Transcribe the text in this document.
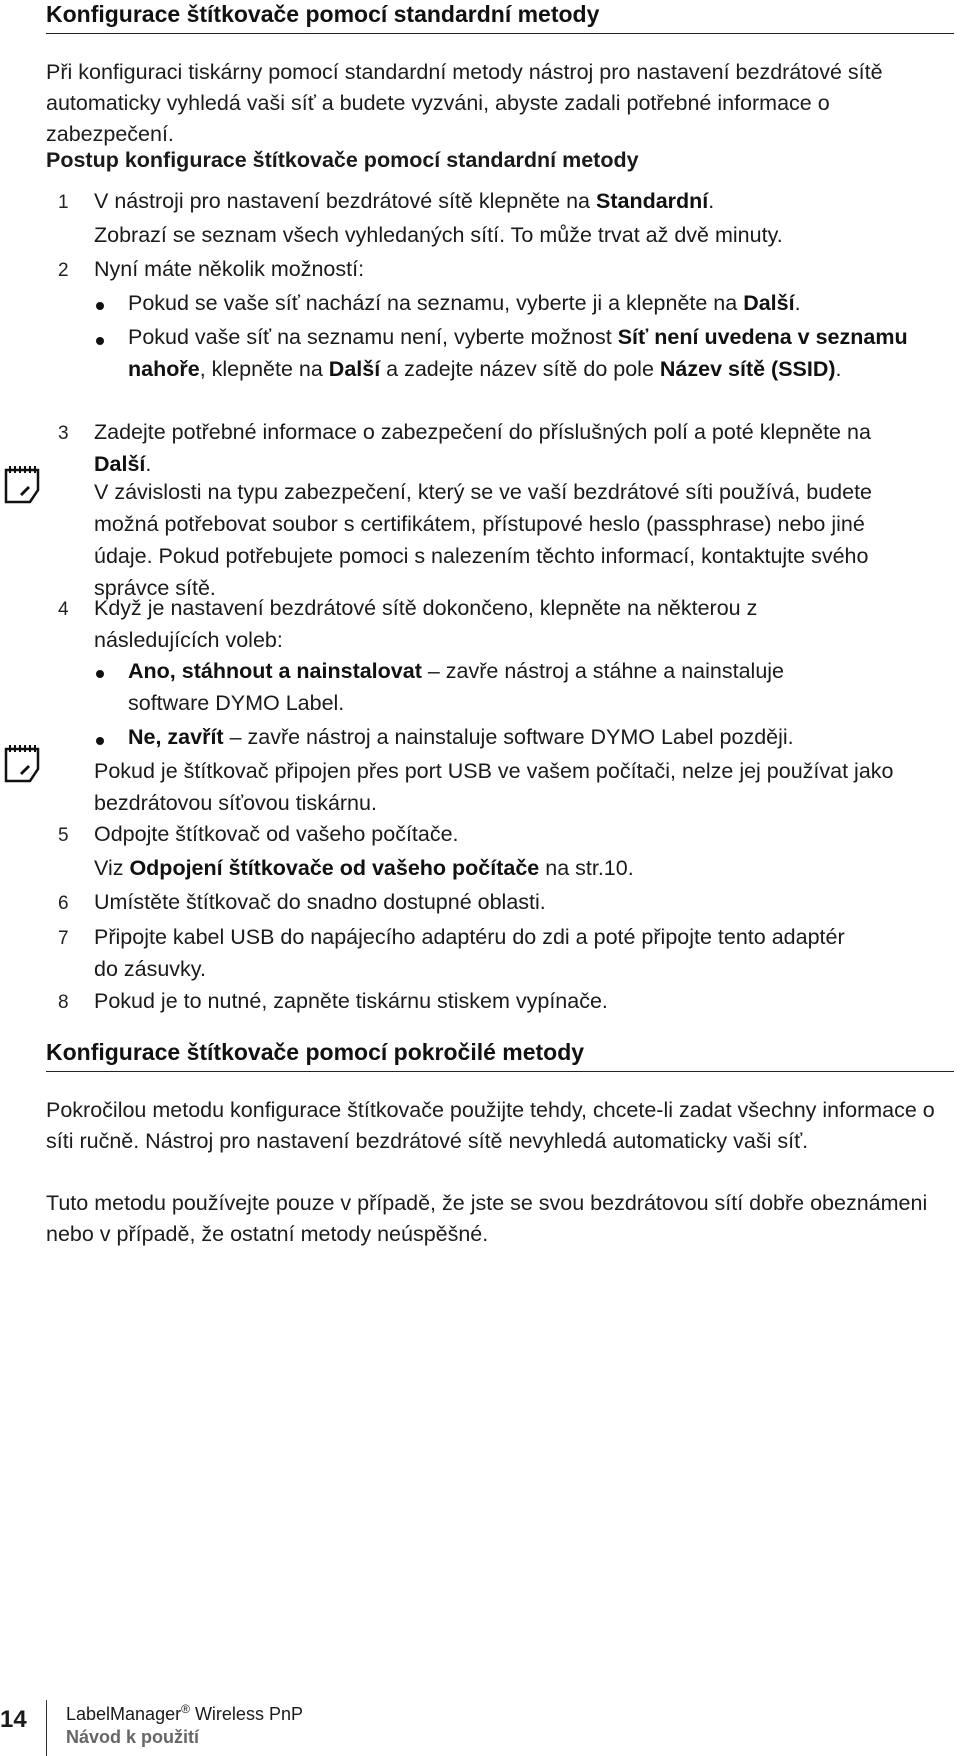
Konfigurace štítkovače pomocí standardní metody

Při konfiguraci tiskárny pomocí standardní metody nástroj pro nastavení bezdrátové sítě automaticky vyhledá vaši síť a budete vyzváni, abyste zadali potřebné informace o zabezpečení.

Postup konfigurace štítkovače pomocí standardní metody
1 V nástroji pro nastavení bezdrátové sítě klepněte na Standardní.

Zobrazí se seznam všech vyhledaných sítí. To může trvat až dvě minuty.

2 Nyní máte několik možností:

Pokud se vaše síť nachází na seznamu, vyberte ji a klepněte na Další.

Pokud vaše síť na seznamu není, vyberte možnost Síť není uvedena v seznamu nahoře, klepněte na Další a zadejte název sítě do pole Název sítě (SSID).

3 Zadejte potřebné informace o zabezpečení do příslušných polí a poté klepněte na Další.

V závislosti na typu zabezpečení, který se ve vaší bezdrátové síti používá, budete možná potřebovat soubor s certifikátem, přístupové heslo (passphrase) nebo jiné údaje. Pokud potřebujete pomoci s nalezením těchto informací, kontaktujte svého správce sítě.

4 Když je nastavení bezdrátové sítě dokončeno, klepněte na některou z následujících voleb:

Ano, stáhnout a nainstalovat – zavře nástroj a stáhne a nainstaluje software DYMO Label.

Ne, zavřít – zavře nástroj a nainstaluje software DYMO Label později.

Pokud je štítkovač připojen přes port USB ve vašem počítači, nelze jej používat jako bezdrátovou síťovou tiskárnu.

5 Odpojte štítkovač od vašeho počítače.

Viz Odpojení štítkovače od vašeho počítače na str.10.

6 Umístěte štítkovač do snadno dostupné oblasti.

7 Připojte kabel USB do napájecího adaptéru do zdi a poté připojte tento adaptér do zásuvky.

8 Pokud je to nutné, zapněte tiskárnu stiskem vypínače.

Konfigurace štítkovače pomocí pokročilé metody

Pokročilou metodu konfigurace štítkovače použijte tehdy, chcete-li zadat všechny informace o síti ručně. Nástroj pro nastavení bezdrátové sítě nevyhledá automaticky vaši síť.

Tuto metodu používejte pouze v případě, že jste se svou bezdrátovou sítí dobře obeznámeni nebo v případě, že ostatní metody neúspěšné.

14 LabelManager® Wireless PnP
Návod k použití
